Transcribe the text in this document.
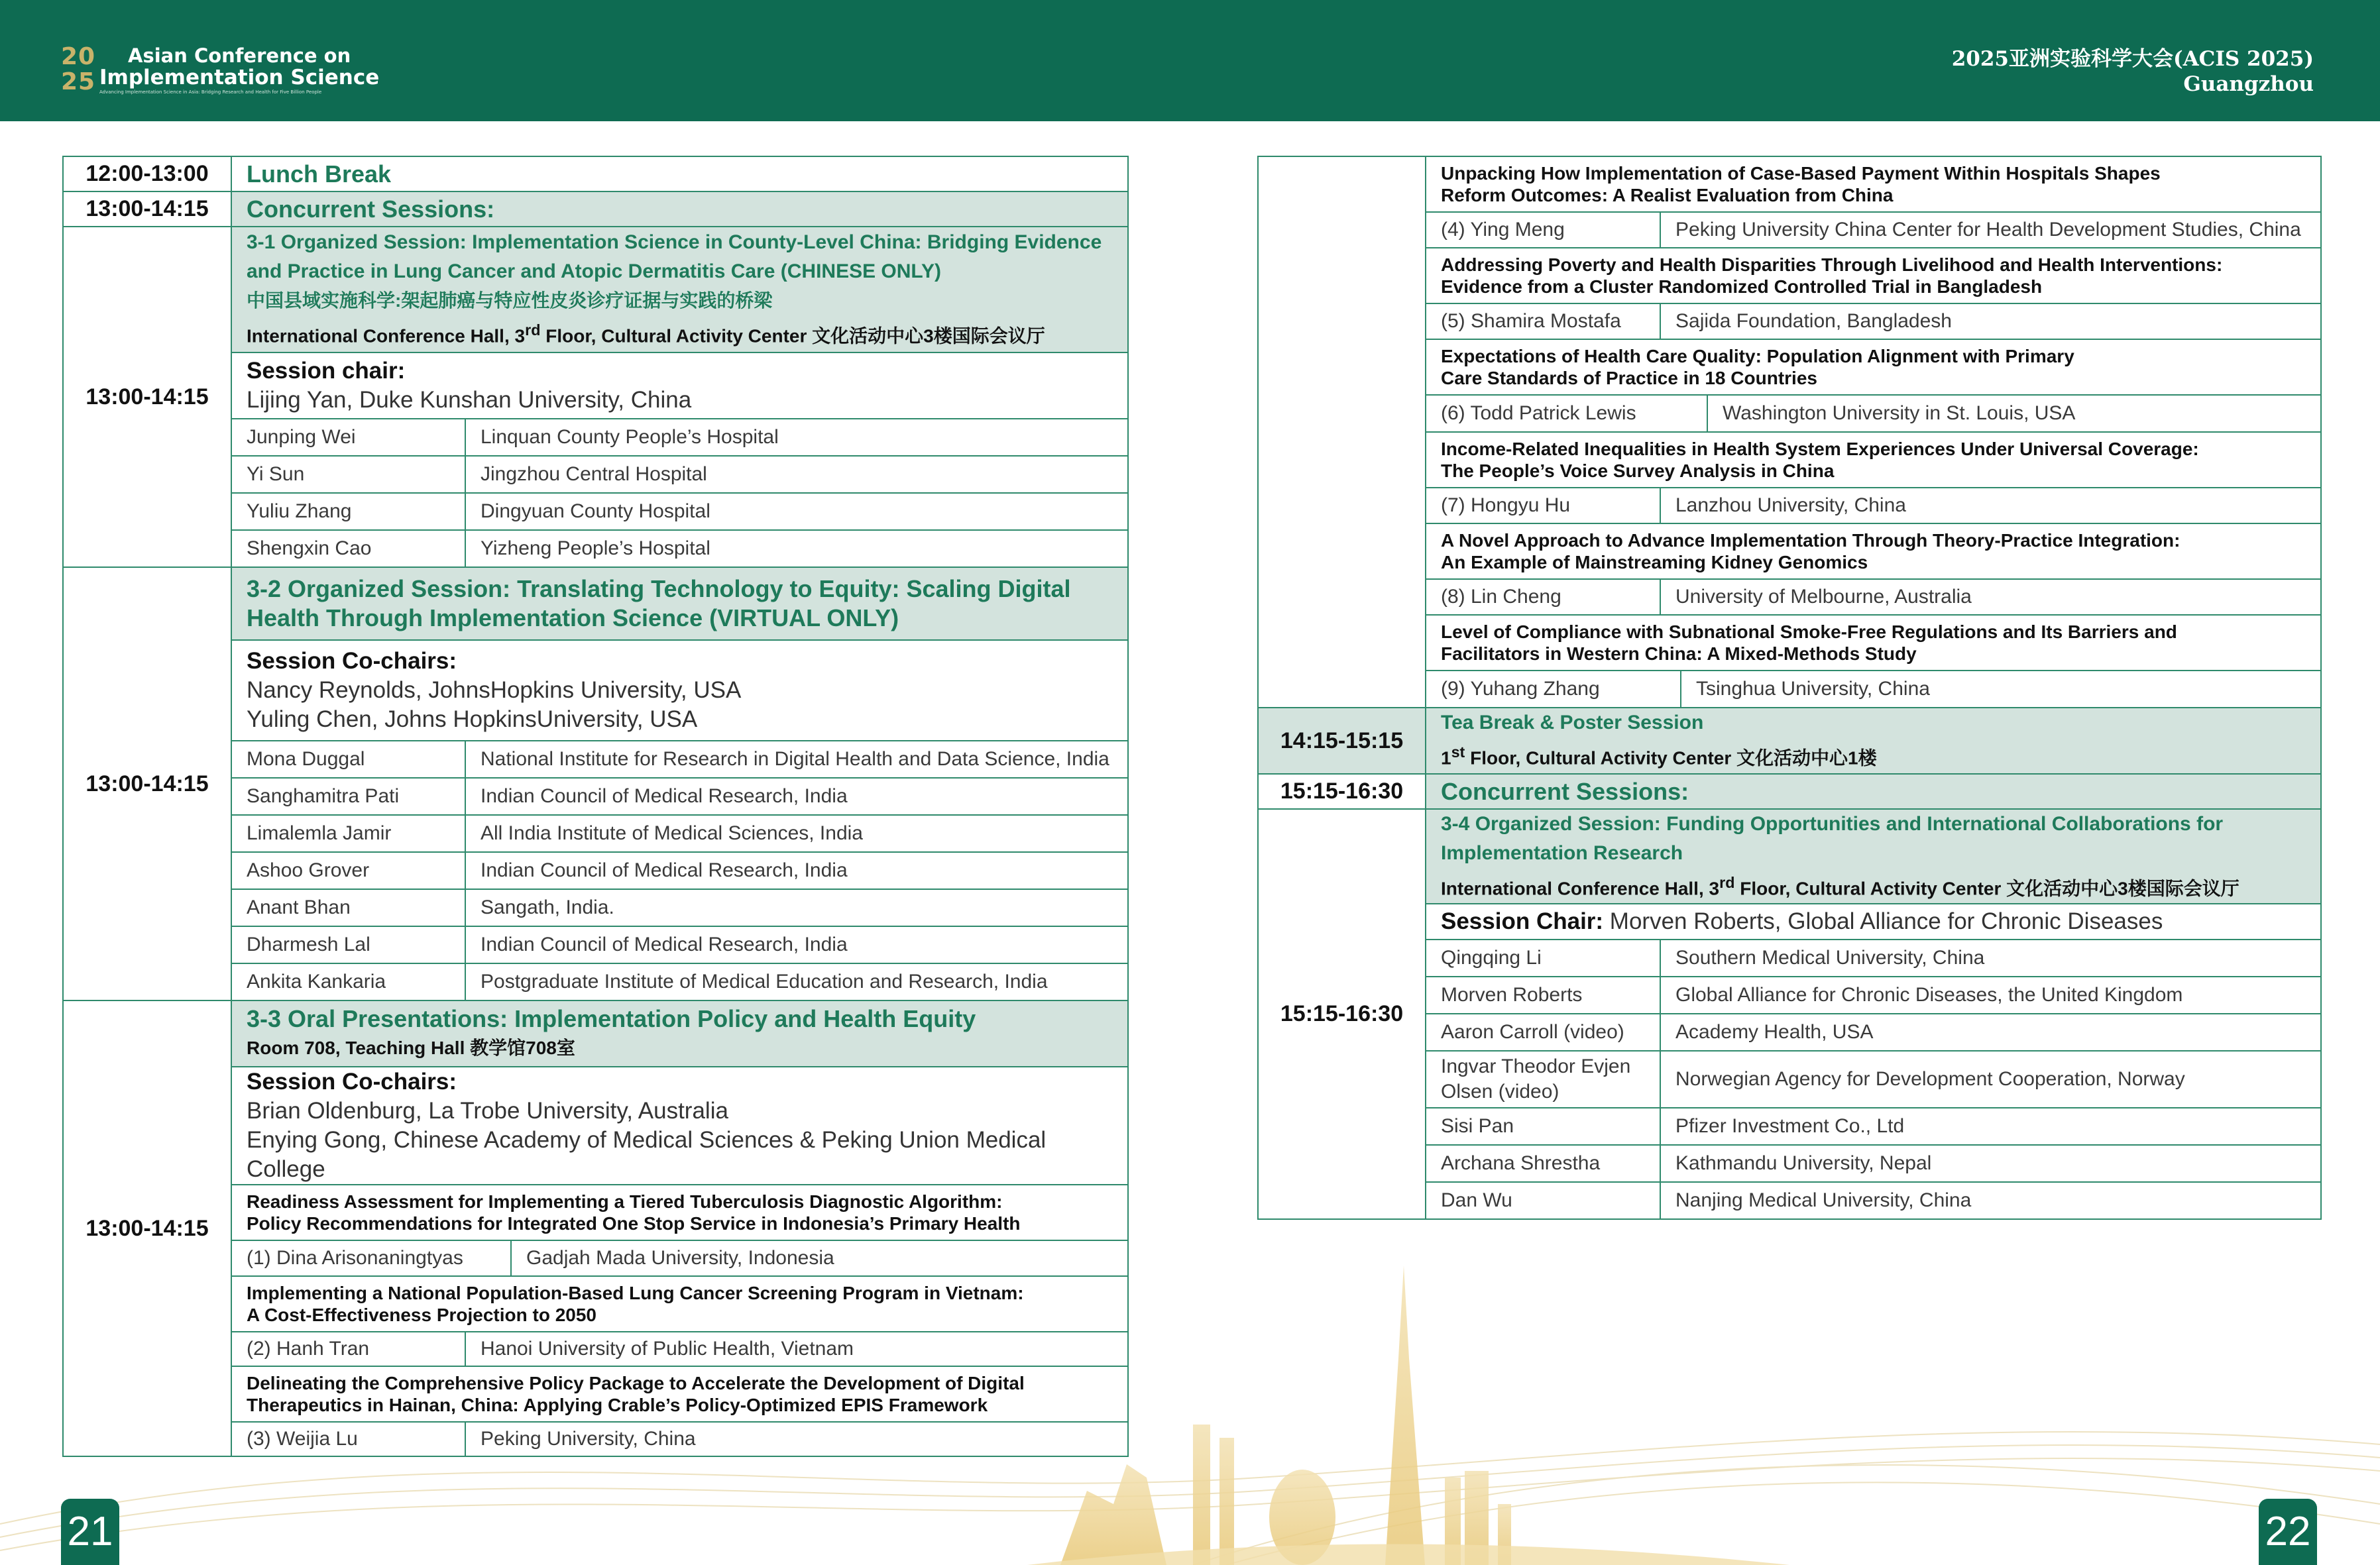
20
25
Asian Conference on
Implementation Science
Advancing Implementation Science in Asia: Bridging Research and Health for Five Billion People
2025亚洲实验科学大会(ACIS 2025)
Guangzhou
12:00-13:00	Lunch Break
13:00-14:15	Concurrent Sessions:
13:00-14:15	
3-1 Organized Session: Implementation Science in County-Level China: Bridging Evidence
and Practice in Lung Cancer and Atopic Dermatitis Care (CHINESE ONLY)
中国县域实施科学:架起肺癌与特应性皮炎诊疗证据与实践的桥梁
International Conference Hall, 3rd Floor, Cultural Activity Center 文化活动中心3楼国际会议厅

Session chair:
Lijing Yan, Duke Kunshan University, China

Junping Wei	Linquan County People’s Hospital
Yi Sun	Jingzhou Central Hospital
Yuliu Zhang	Dingyuan County Hospital
Shengxin Cao	Yizheng People’s Hospital
13:00-14:15	
3-2 Organized Session: Translating Technology to Equity: Scaling Digital
Health Through Implementation Science (VIRTUAL ONLY)

Session Co-chairs:
Nancy Reynolds, JohnsHopkins University, USA
Yuling Chen, Johns HopkinsUniversity, USA

Mona Duggal	National Institute for Research in Digital Health and Data Science, India
Sanghamitra Pati	Indian Council of Medical Research, India
Limalemla Jamir	All India Institute of Medical Sciences, India
Ashoo Grover	Indian Council of Medical Research, India
Anant Bhan	Sangath, India.
Dharmesh Lal	Indian Council of Medical Research, India
Ankita Kankaria	Postgraduate Institute of Medical Education and Research, India
13:00-14:15	
3-3 Oral Presentations: Implementation Policy and Health Equity
Room 708, Teaching Hall 教学馆708室

Session Co-chairs:
Brian Oldenburg, La Trobe University, Australia
Enying Gong, Chinese Academy of Medical Sciences & Peking Union Medical College

Readiness Assessment for Implementing a Tiered Tuberculosis Diagnostic Algorithm:
Policy Recommendations for Integrated One Stop Service in Indonesia’s Primary Health

(1) Dina Arisonaningtyas	Gadjah Mada University, Indonesia

Implementing a National Population-Based Lung Cancer Screening Program in Vietnam:
A Cost-Effectiveness Projection to 2050

(2) Hanh Tran	Hanoi University of Public Health, Vietnam

Delineating the Comprehensive Policy Package to Accelerate the Development of Digital
Therapeutics in Hainan, China: Applying Crable’s Policy-Optimized EPIS Framework

(3) Weijia Lu	Peking University, China

Unpacking How Implementation of Case-Based Payment Within Hospitals Shapes
Reform Outcomes: A Realist Evaluation from China

(4) Ying Meng	Peking University China Center for Health Development Studies, China

Addressing Poverty and Health Disparities Through Livelihood and Health Interventions:
Evidence from a Cluster Randomized Controlled Trial in Bangladesh

(5) Shamira Mostafa	Sajida Foundation, Bangladesh

Expectations of Health Care Quality: Population Alignment with Primary
Care Standards of Practice in 18 Countries

(6) Todd Patrick Lewis	Washington University in St. Louis, USA

Income-Related Inequalities in Health System Experiences Under Universal Coverage:
The People’s Voice Survey Analysis in China

(7) Hongyu Hu	Lanzhou University, China

A Novel Approach to Advance Implementation Through Theory-Practice Integration:
An Example of Mainstreaming Kidney Genomics

(8) Lin Cheng	University of Melbourne, Australia

Level of Compliance with Subnational Smoke-Free Regulations and Its Barriers and
Facilitators in Western China: A Mixed-Methods Study

(9) Yuhang Zhang	Tsinghua University, China

14:15-15:15	
Tea Break & Poster Session
1st Floor, Cultural Activity Center 文化活动中心1楼

15:15-16:30	Concurrent Sessions:
15:15-16:30	
3-4 Organized Session: Funding Opportunities and International Collaborations for
Implementation Research
International Conference Hall, 3rd Floor, Cultural Activity Center 文化活动中心3楼国际会议厅

Session Chair: Morven Roberts, Global Alliance for Chronic Diseases
Qingqing Li	Southern Medical University, China
Morven Roberts	Global Alliance for Chronic Diseases, the United Kingdom
Aaron Carroll (video)	Academy Health, USA

Ingvar Theodor Evjen
Olsen (video)
	Norwegian Agency for Development Cooperation, Norway
Sisi Pan	Pfizer Investment Co., Ltd
Archana Shrestha	Kathmandu University, Nepal
Dan Wu	Nanjing Medical University, China
21	22
